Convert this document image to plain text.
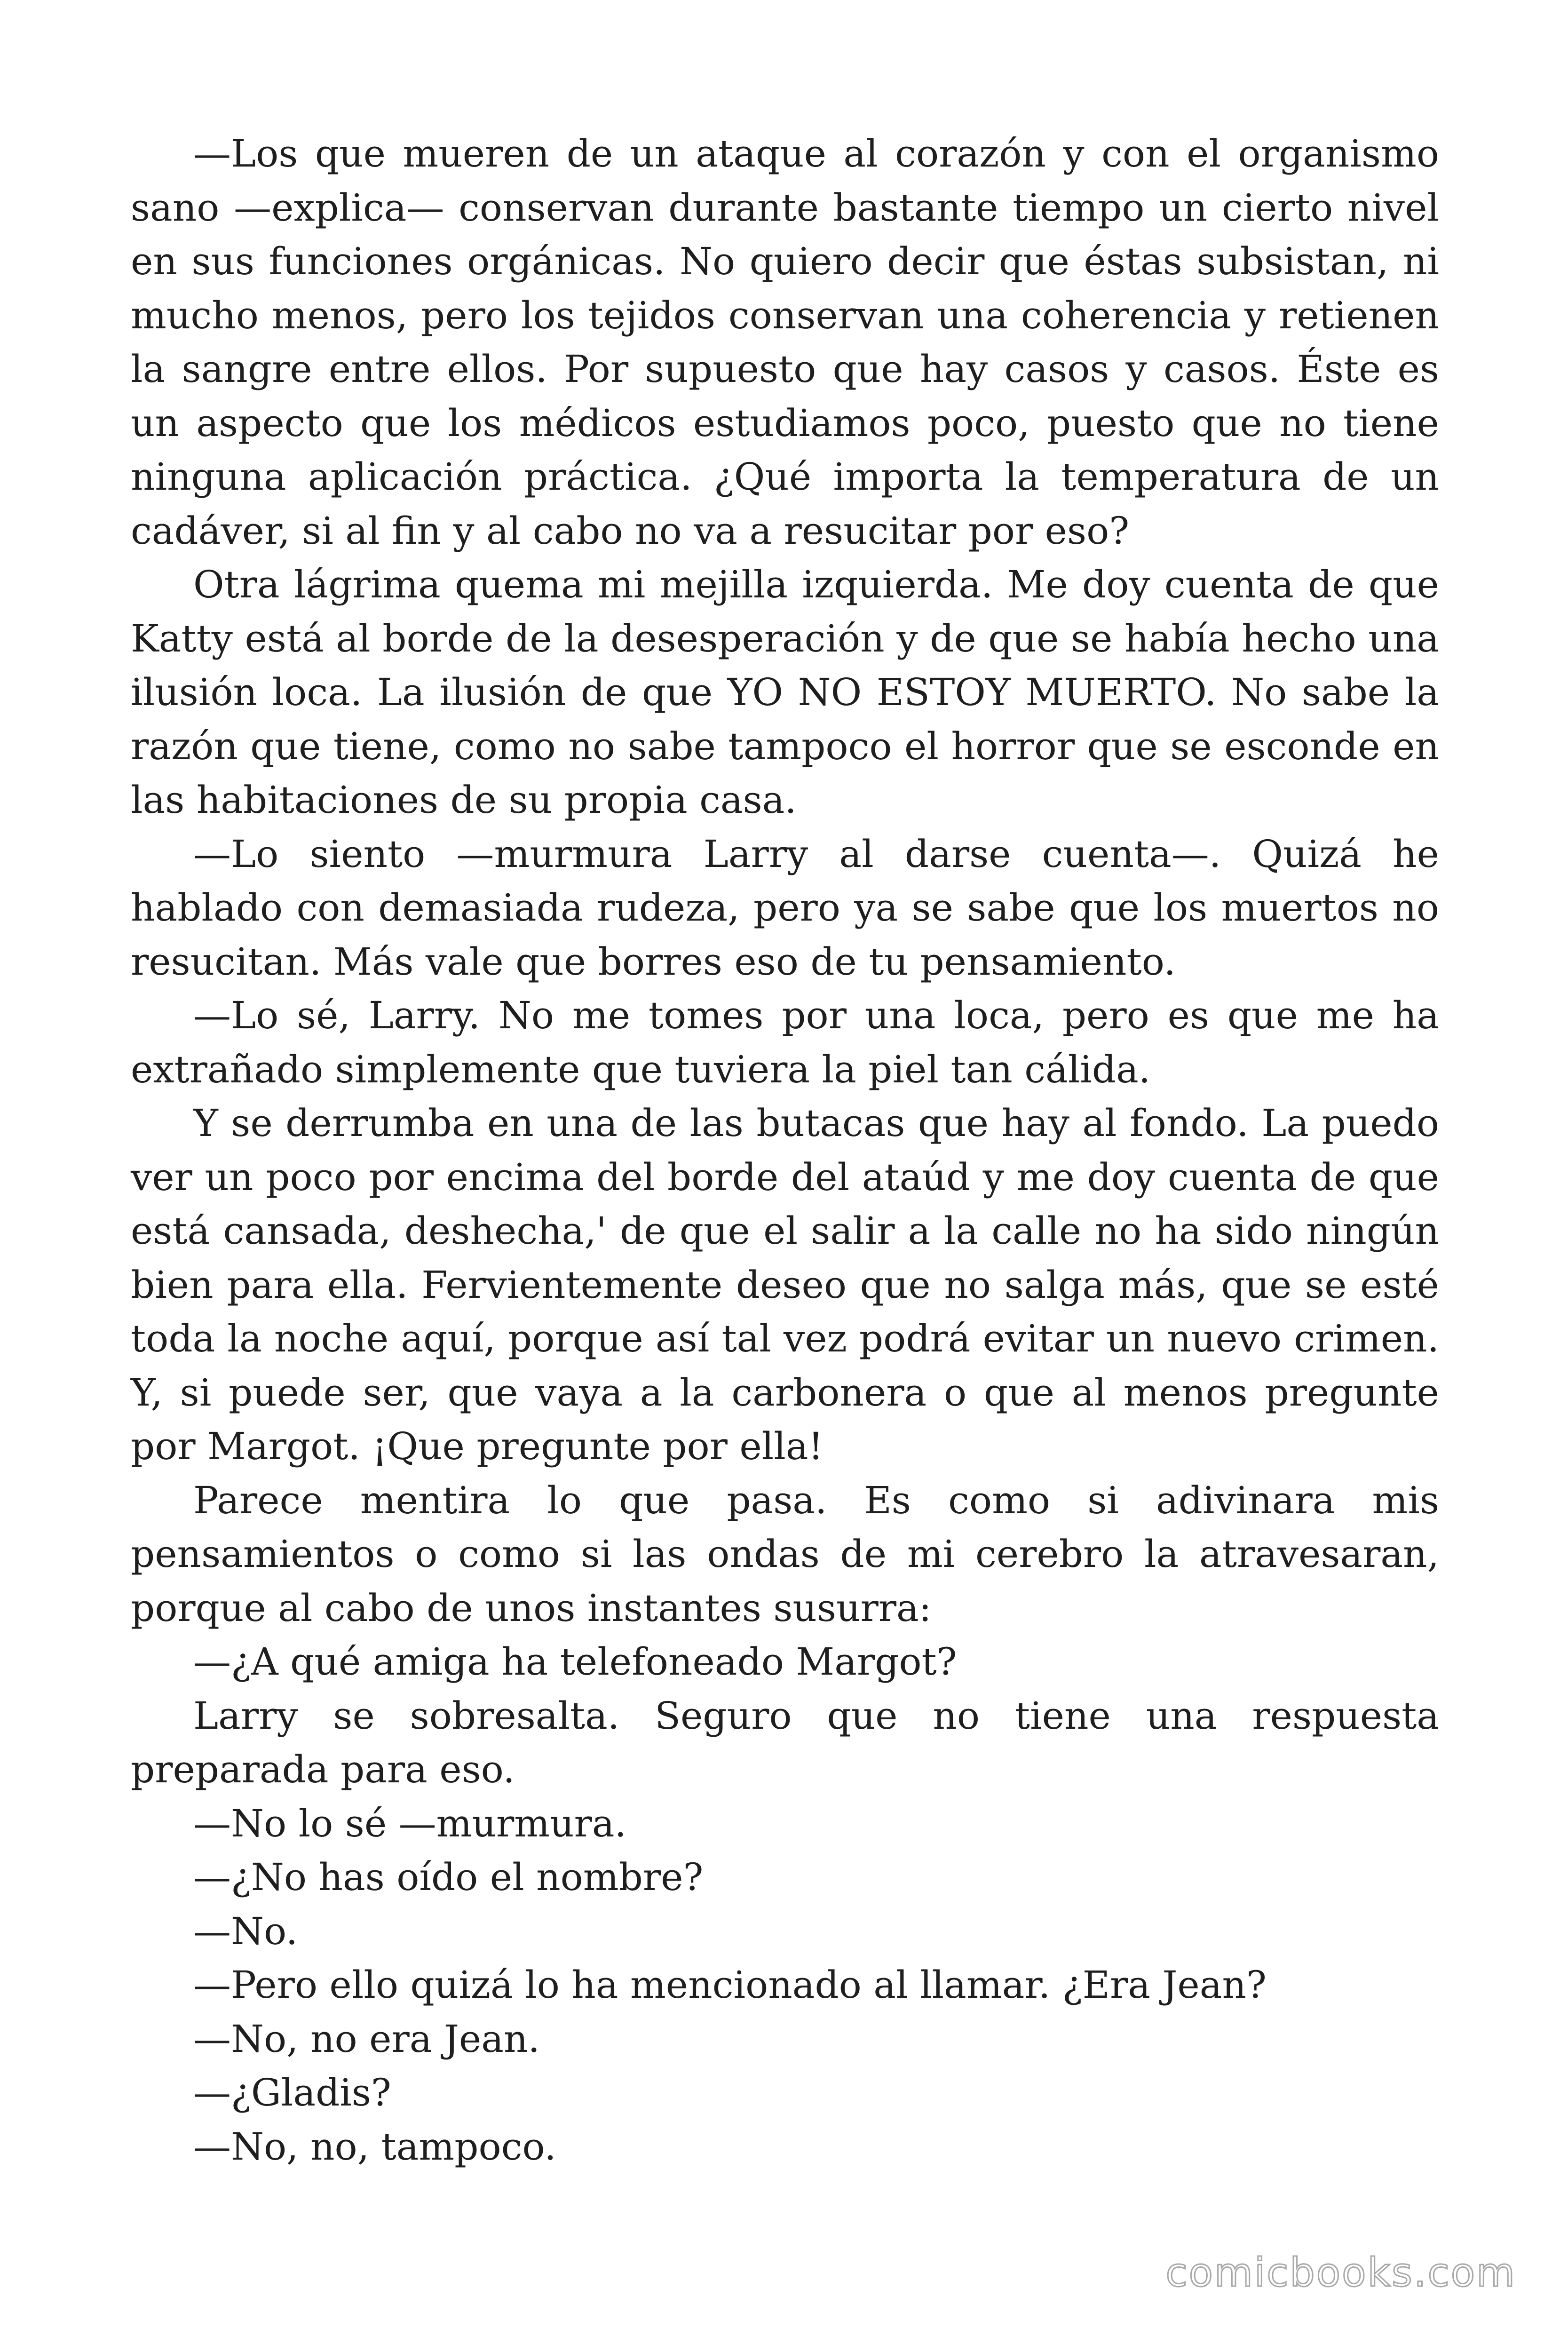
—Los que mueren de un ataque al corazón y con el organismo sano —explica— conservan durante bastante tiempo un cierto nivel en sus funciones orgánicas. No quiero decir que éstas subsistan, ni mucho menos, pero los tejidos conservan una coherencia y retienen la sangre entre ellos. Por supuesto que hay casos y casos. Éste es un aspecto que los médicos estudiamos poco, puesto que no tiene ninguna aplicación práctica. ¿Qué importa la temperatura de un cadáver, si al fin y al cabo no va a resucitar por eso?

Otra lágrima quema mi mejilla izquierda. Me doy cuenta de que Katty está al borde de la desesperación y de que se había hecho una ilusión loca. La ilusión de que YO NO ESTOY MUERTO. No sabe la razón que tiene, como no sabe tampoco el horror que se esconde en las habitaciones de su propia casa.

—Lo siento —murmura Larry al darse cuenta—. Quizá he hablado con demasiada rudeza, pero ya se sabe que los muertos no resucitan. Más vale que borres eso de tu pensamiento.

—Lo sé, Larry. No me tomes por una loca, pero es que me ha extrañado simplemente que tuviera la piel tan cálida.

Y se derrumba en una de las butacas que hay al fondo. La puedo ver un poco por encima del borde del ataúd y me doy cuenta de que está cansada, deshecha,' de que el salir a la calle no ha sido ningún bien para ella. Fervientemente deseo que no salga más, que se esté toda la noche aquí, porque así tal vez podrá evitar un nuevo crimen. Y, si puede ser, que vaya a la carbonera o que al menos pregunte por Margot. ¡Que pregunte por ella!

Parece mentira lo que pasa. Es como si adivinara mis pensamientos o como si las ondas de mi cerebro la atravesaran, porque al cabo de unos instantes susurra:

—¿A qué amiga ha telefoneado Margot?

Larry se sobresalta. Seguro que no tiene una respuesta preparada para eso.

—No lo sé —murmura.

—¿No has oído el nombre?

—No.

—Pero ello quizá lo ha mencionado al llamar. ¿Era Jean?

—No, no era Jean.

—¿Gladis?

—No, no, tampoco.

comicbooks.com
